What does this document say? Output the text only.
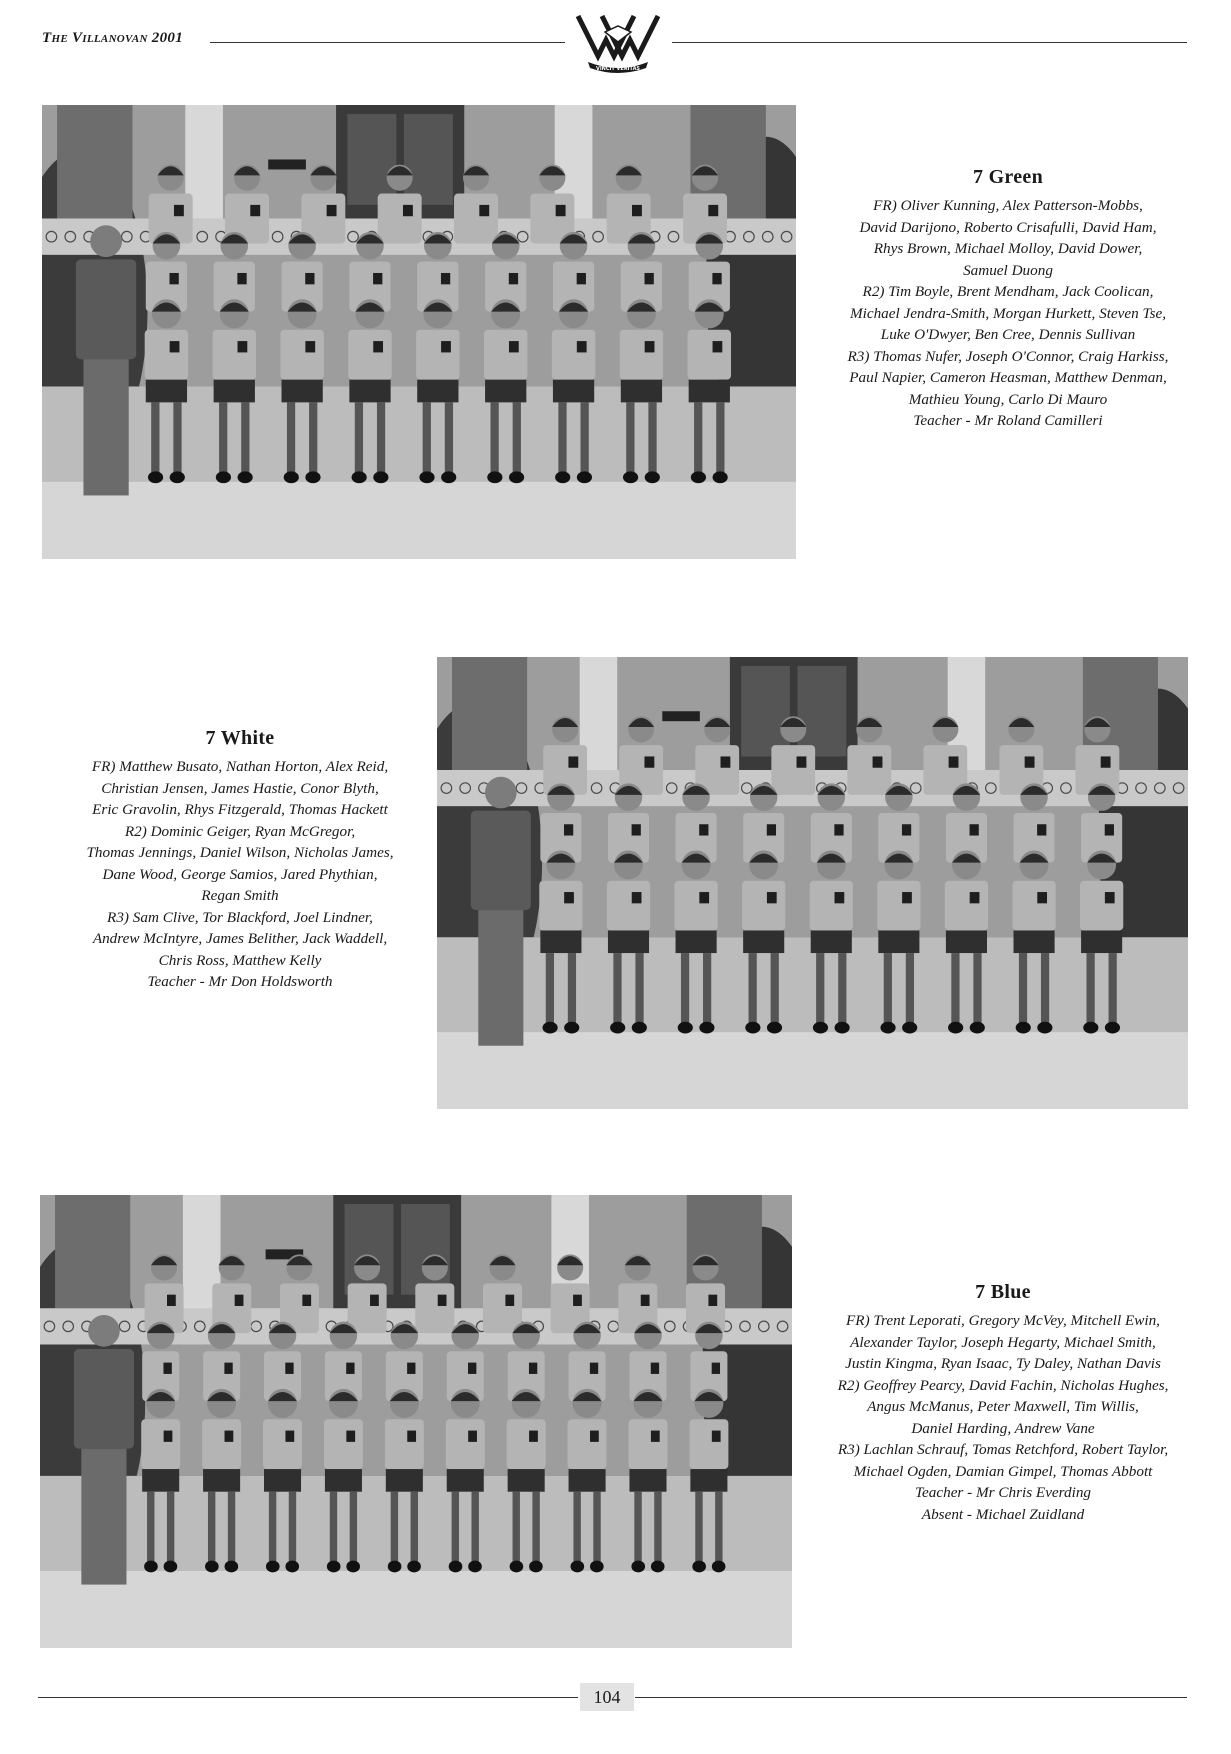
The Villanovan 2001
VINCIT VERITAS
7 Green
FR) Oliver Kunning, Alex Patterson-Mobbs,
David Darijono, Roberto Crisafulli, David Ham,
Rhys Brown, Michael Molloy, David Dower,
Samuel Duong
R2) Tim Boyle, Brent Mendham, Jack Coolican,
Michael Jendra-Smith, Morgan Hurkett, Steven Tse,
Luke O'Dwyer, Ben Cree, Dennis Sullivan
R3) Thomas Nufer, Joseph O'Connor, Craig Harkiss,
Paul Napier, Cameron Heasman, Matthew Denman,
Mathieu Young, Carlo Di Mauro
Teacher - Mr Roland Camilleri
7 White
FR) Matthew Busato, Nathan Horton, Alex Reid,
Christian Jensen, James Hastie, Conor Blyth,
Eric Gravolin, Rhys Fitzgerald, Thomas Hackett
R2) Dominic Geiger, Ryan McGregor,
Thomas Jennings, Daniel Wilson, Nicholas James,
Dane Wood, George Samios, Jared Phythian,
Regan Smith
R3) Sam Clive, Tor Blackford, Joel Lindner,
Andrew McIntyre, James Belither, Jack Waddell,
Chris Ross, Matthew Kelly
Teacher - Mr Don Holdsworth
7 Blue
FR) Trent Leporati, Gregory McVey, Mitchell Ewin,
Alexander Taylor, Joseph Hegarty, Michael Smith,
Justin Kingma, Ryan Isaac, Ty Daley, Nathan Davis
R2) Geoffrey Pearcy, David Fachin, Nicholas Hughes,
Angus McManus, Peter Maxwell, Tim Willis,
Daniel Harding, Andrew Vane
R3) Lachlan Schrauf, Tomas Retchford, Robert Taylor,
Michael Ogden, Damian Gimpel, Thomas Abbott
Teacher - Mr Chris Everding
Absent - Michael Zuidland
104
